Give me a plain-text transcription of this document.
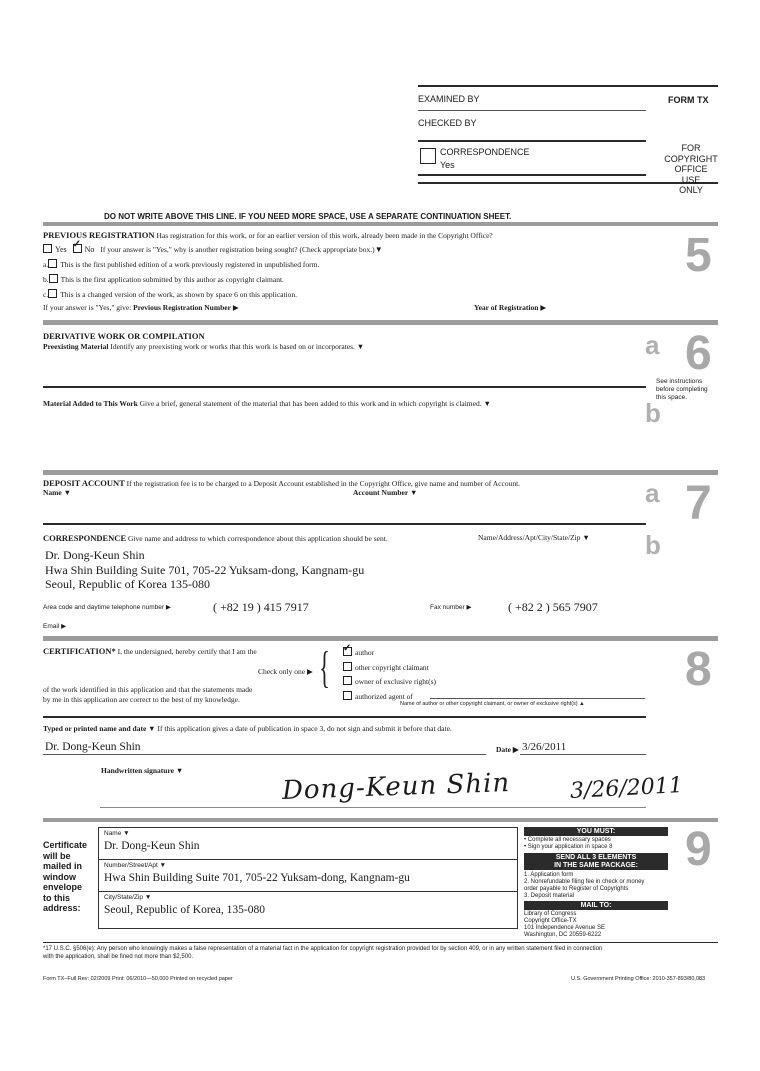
EXAMINED BY	FORM TX
CHECKED BY
CORRESPONDENCE
Yes
FOR
COPYRIGHT
OFFICE
USE
ONLY
DO NOT WRITE ABOVE THIS LINE. IF YOU NEED MORE SPACE, USE A SEPARATE CONTINUATION SHEET.
5
PREVIOUS REGISTRATION Has registration for this work, or for an earlier version of this work, already been made in the Copyright Office?
Yes ✓ No If your answer is "Yes," why is another registration being sought? (Check appropriate box.)▼
a. This is the first published edition of a work previously registered in unpublished form.
b. This is the first application submitted by this author as copyright claimant.
c. This is a changed version of the work, as shown by space 6 on this application.
If your answer is "Yes," give: Previous Registration Number ▶	Year of Registration ▶
6
a
DERIVATIVE WORK OR COMPILATION
Preexisting Material Identify any preexisting work or works that this work is based on or incorporates. ▼
See instructions
before completing
this space.
Material Added to This Work Give a brief, general statement of the material that has been added to this work and in which copyright is claimed. ▼	b
7
a
DEPOSIT ACCOUNT If the registration fee is to be charged to a Deposit Account established in the Copyright Office, give name and number of Account.
Name ▼	Account Number ▼
b
CORRESPONDENCE Give name and address to which correspondence about this application should be sent.	Name/Address/Apt/City/State/Zip ▼
Dr. Dong-Keun Shin
Hwa Shin Building Suite 701, 705-22 Yuksam-dong, Kangnam-gu
Seoul, Republic of Korea 135-080
Area code and daytime telephone number ▶	( +82 19 ) 415 7917	Fax number ▶	( +82 2 ) 565 7907
Email ▶
8
CERTIFICATION* I, the undersigned, hereby certify that I am the
Check only one ▶ { ✓	author
other copyright claimant
owner of exclusive right(s)
authorized agent of
Name of author or other copyright claimant, or owner of exclusive right(s) ▲
of the work identified in this application and that the statements made
by me in this application are correct to the best of my knowledge.
Typed or printed name and date ▼ If this application gives a date of publication in space 3, do not sign and submit it before that date.
Dr. Dong-Keun Shin	Date ▶ 3/26/2011
Handwritten signature ▼	Dong-Keun Shin	3/26/2011
9
Certificate
will be
mailed in
window
envelope
to this
address:
Name ▼
Dr. Dong-Keun Shin
Number/Street/Apt ▼
Hwa Shin Building Suite 701, 705-22 Yuksam-dong, Kangnam-gu
City/State/Zip ▼
Seoul, Republic of Korea, 135-080
YOU MUST:
• Complete all necessary spaces
• Sign your application in space 8
SEND ALL 3 ELEMENTS
IN THE SAME PACKAGE:
1. Application form
2. Nonrefundable filing fee in check or money
order payable to Register of Copyrights
3. Deposit material
MAIL TO:
Library of Congress
Copyright Office-TX
101 Independence Avenue SE
Washington, DC 20559-6222
*17 U.S.C. §506(e): Any person who knowingly makes a false representation of a material fact in the application for copyright registration provided for by section 409, or in any written statement filed in connection
with the application, shall be fined not more than $2,500.
Form TX–Full Rev: 02/2009 Print: 06/2010—50,000 Printed on recycled paper	U.S. Government Printing Office: 2010-357-893/80,083
